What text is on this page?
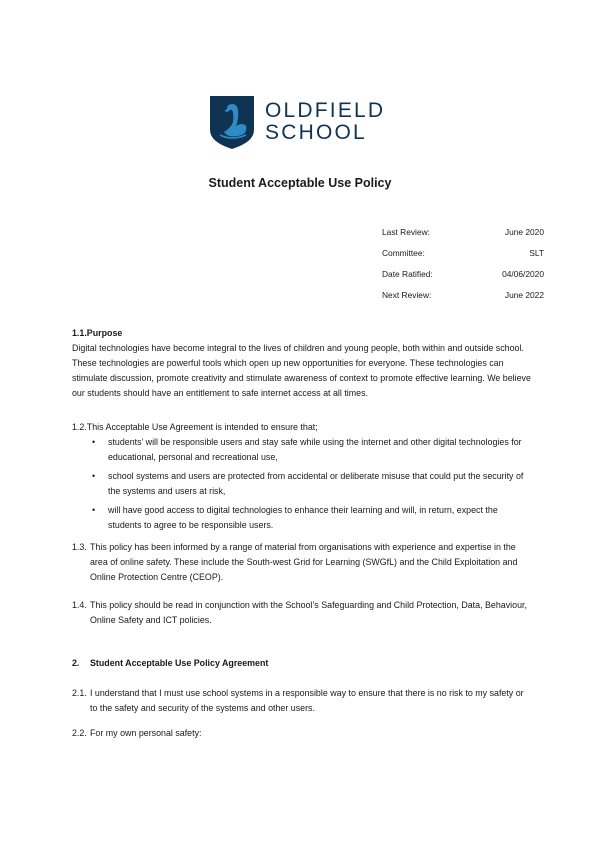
OLDFIELD
SCHOOL
Student Acceptable Use Policy
Last Review:	June 2020
Committee:	SLT
Date Ratified:	04/06/2020
Next Review:	June 2022
1.1.Purpose
Digital technologies have become integral to the lives of children and young people, both within and outside school. These technologies are powerful tools which open up new opportunities for everyone. These technologies can stimulate discussion, promote creativity and stimulate awareness of context to promote effective learning. We believe our students should have an entitlement to safe internet access at all times.
1.2.This Acceptable Use Agreement is intended to ensure that;
• students’ will be responsible users and stay safe while using the internet and other digital technologies for educational, personal and recreational use,
• school systems and users are protected from accidental or deliberate misuse that could put the security of the systems and users at risk,
• will have good access to digital technologies to enhance their learning and will, in return, expect the students to agree to be responsible users.
1.3. This policy has been informed by a range of material from organisations with experience and expertise in the area of online safety. These include the South-west Grid for Learning (SWGfL) and the Child Exploitation and Online Protection Centre (CEOP).
1.4. This policy should be read in conjunction with the School’s Safeguarding and Child Protection, Data, Behaviour, Online Safety and ICT policies.
2.	Student Acceptable Use Policy Agreement
2.1. I understand that I must use school systems in a responsible way to ensure that there is no risk to my safety or to the safety and security of the systems and other users.
2.2. For my own personal safety:
